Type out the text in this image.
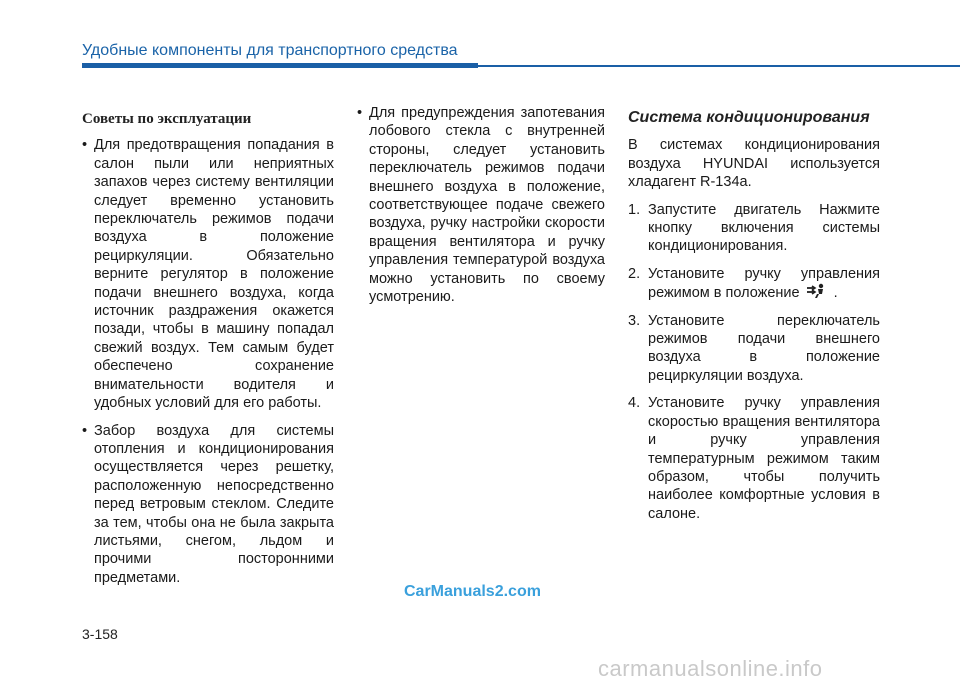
Удобные компоненты для транспортного средства
Советы по эксплуатации
• Для предотвращения попадания в салон пыли или неприятных запахов через систему вентиляции следует временно установить переключатель режимов подачи воздуха в положение рециркуляции. Обязательно верните регулятор в положение подачи внешнего воздуха, когда источник раздражения окажется позади, чтобы в машину попадал свежий воздух. Тем самым будет обеспечено сохранение внимательности водителя и удобных условий для его работы.
• Забор воздуха для системы отопления и кондиционирования осуществляется через решетку, расположенную непосредственно перед ветровым стеклом. Следите за тем, чтобы она не была закрыта листьями, снегом, льдом и прочими посторонними предметами.
• Для предупреждения запотевания лобового стекла с внутренней стороны, следует установить переключатель режимов подачи внешнего воздуха в положение, соответствующее подаче свежего воздуха, ручку настройки скорости вращения вентилятора и ручку управления температурой воздуха можно установить по своему усмотрению.
Система кондиционирования

В системах кондиционирования воздуха HYUNDAI используется хладагент R-134a.

1. Запустите двигатель Нажмите кнопку включения системы кондиционирования.
2. Установите ручку управления режимом в положение .
3. Установите переключатель режимов подачи внешнего воздуха в положение рециркуляции воздуха.
4. Установите ручку управления скоростью вращения вентилятора и ручку управления температурным режимом таким образом, чтобы получить наиболее комфортные условия в салоне.
CarManuals2.com
3-158
carmanualsonline.info
